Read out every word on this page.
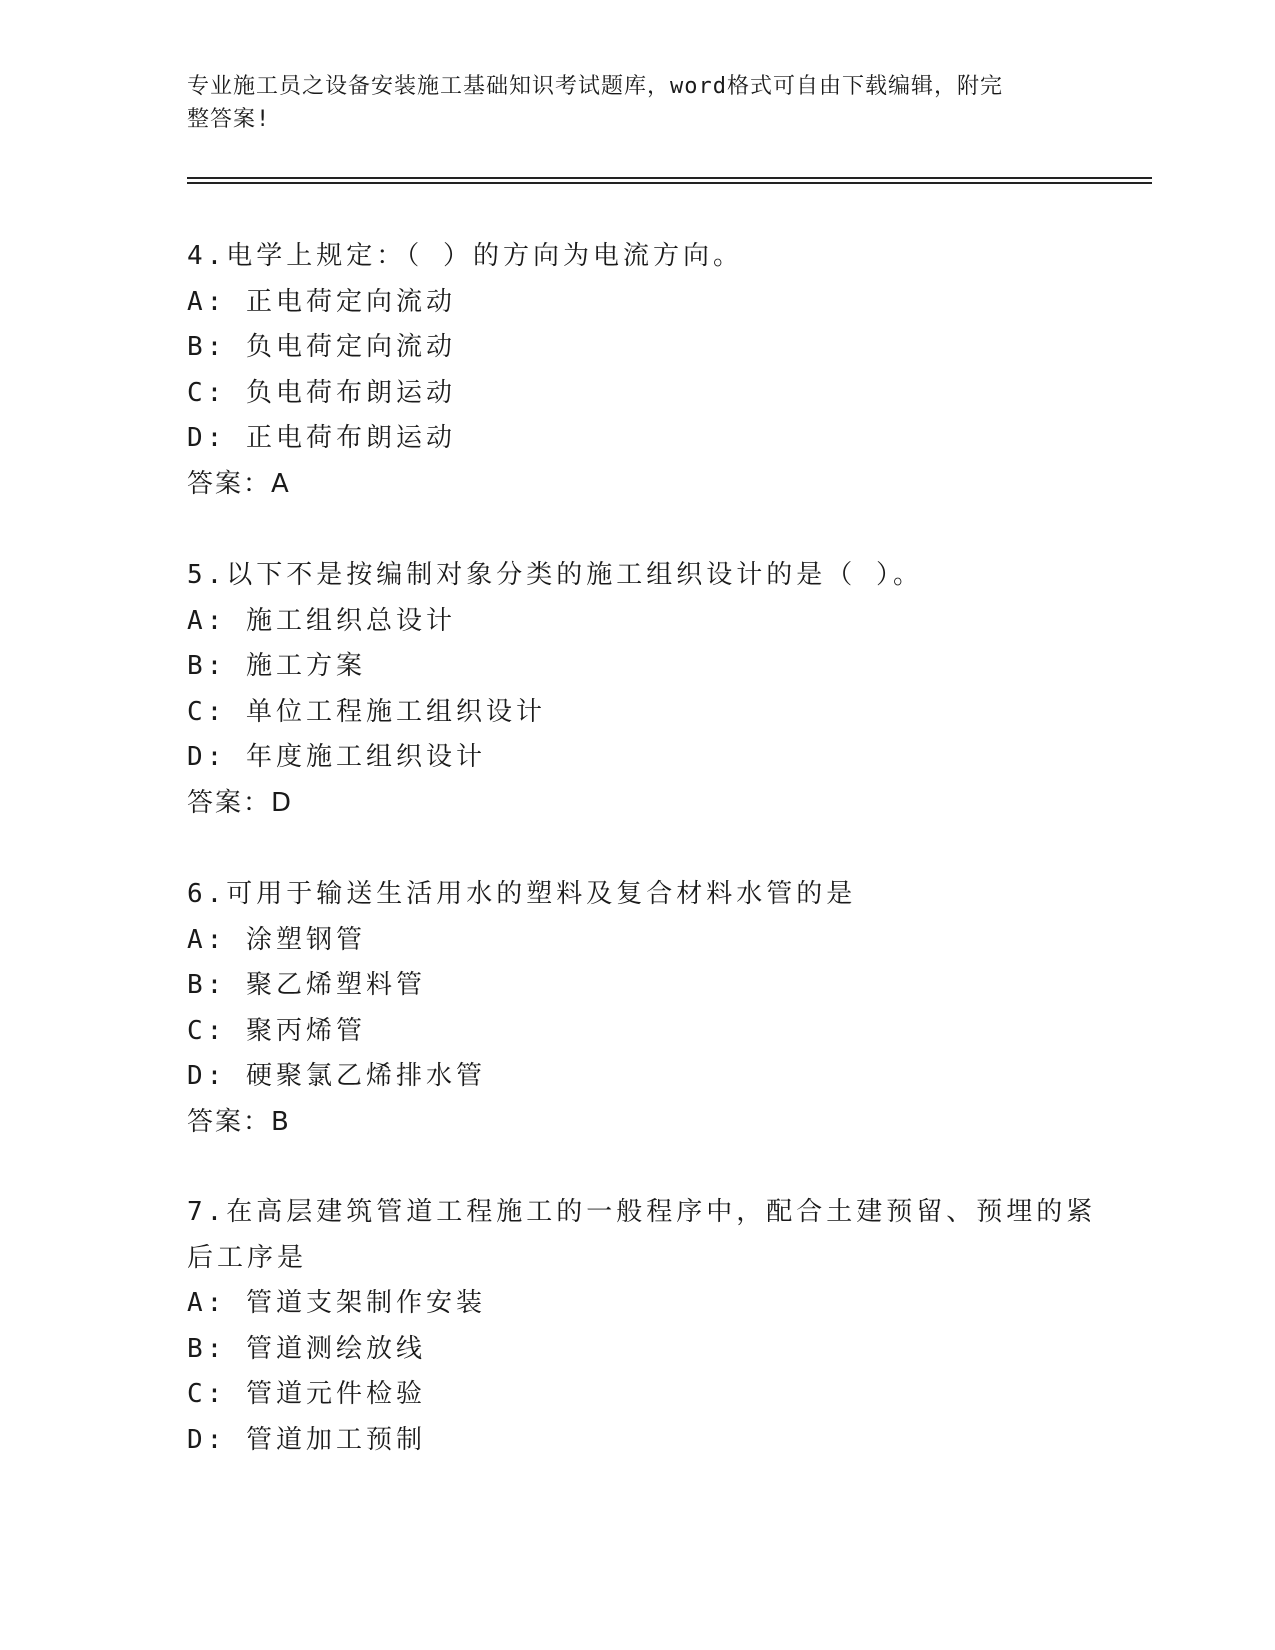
专业施工员之设备安装施工基础知识考试题库，word格式可自由下载编辑，附完
整答案!
4.电学上规定：（ ）的方向为电流方向。
A: 正电荷定向流动
B: 负电荷定向流动
C: 负电荷布朗运动
D: 正电荷布朗运动
答案：A
5.以下不是按编制对象分类的施工组织设计的是（ ）。
A: 施工组织总设计
B: 施工方案
C: 单位工程施工组织设计
D: 年度施工组织设计
答案：D
6.可用于输送生活用水的塑料及复合材料水管的是
A: 涂塑钢管
B: 聚乙烯塑料管
C: 聚丙烯管
D: 硬聚氯乙烯排水管
答案：B
7.在高层建筑管道工程施工的一般程序中，配合土建预留、预埋的紧
后工序是
A: 管道支架制作安装
B: 管道测绘放线
C: 管道元件检验
D: 管道加工预制
